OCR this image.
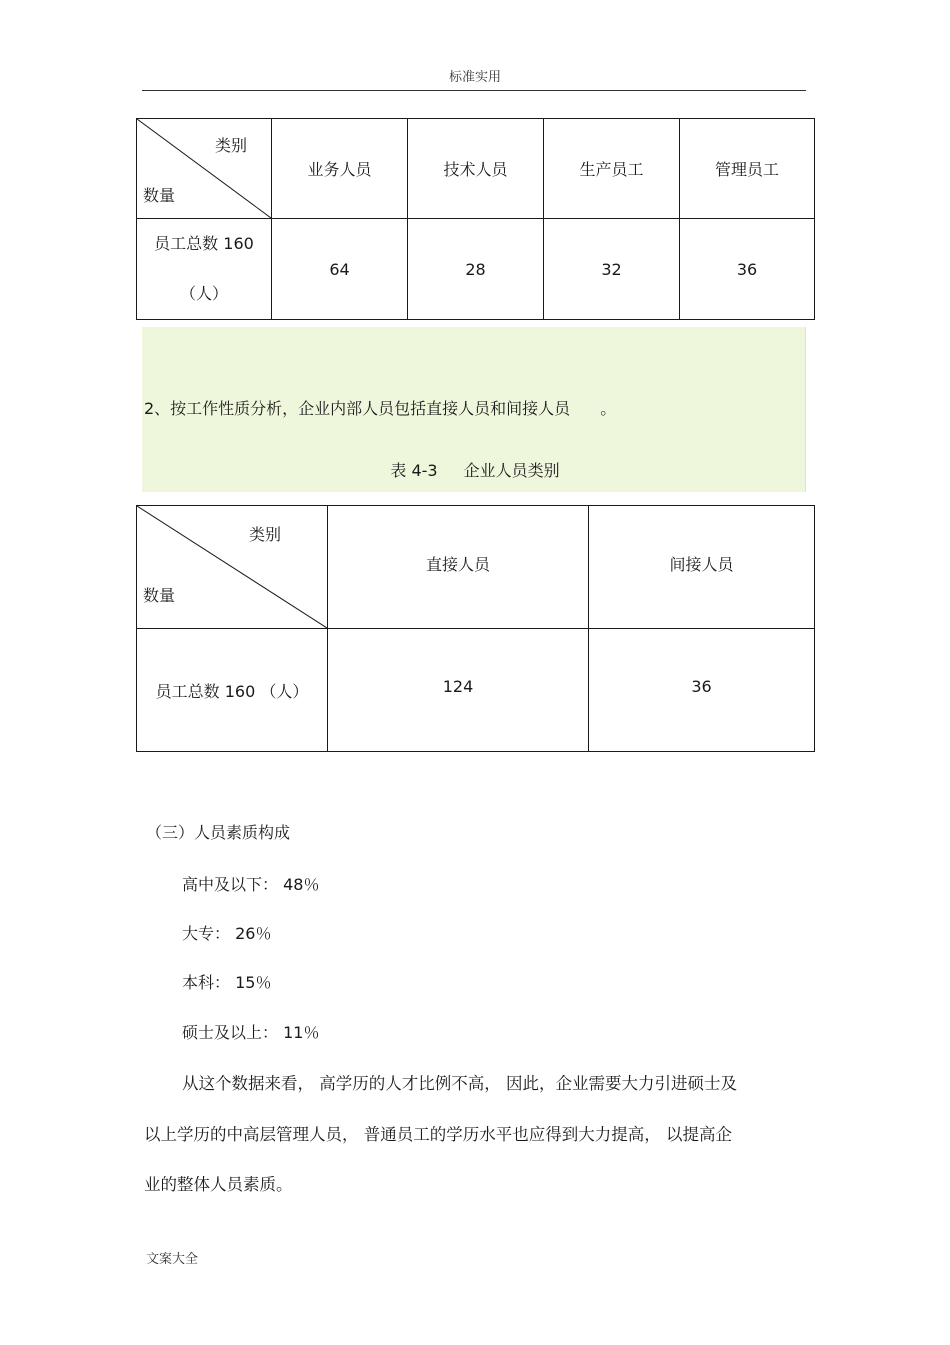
标准实用
类别
数量	业务人员	技术人员	生产员工	管理员工

员工总数 160
（人）	64	28	32	36
2、按工作性质分析，企业内部人员包括直接人员和间接人员 。
表 4-3 企业人员类别
类别
数量	直接人员	间接人员
员工总数 160 （人）	124	36
（三）人员素质构成
高中及以下： 48％
大专： 26％
本科： 15％
硕士及以上： 11％
从这个数据来看， 高学历的人才比例不高， 因此，企业需要大力引进硕士及
以上学历的中高层管理人员， 普通员工的学历水平也应得到大力提高， 以提高企
业的整体人员素质。
文案大全
